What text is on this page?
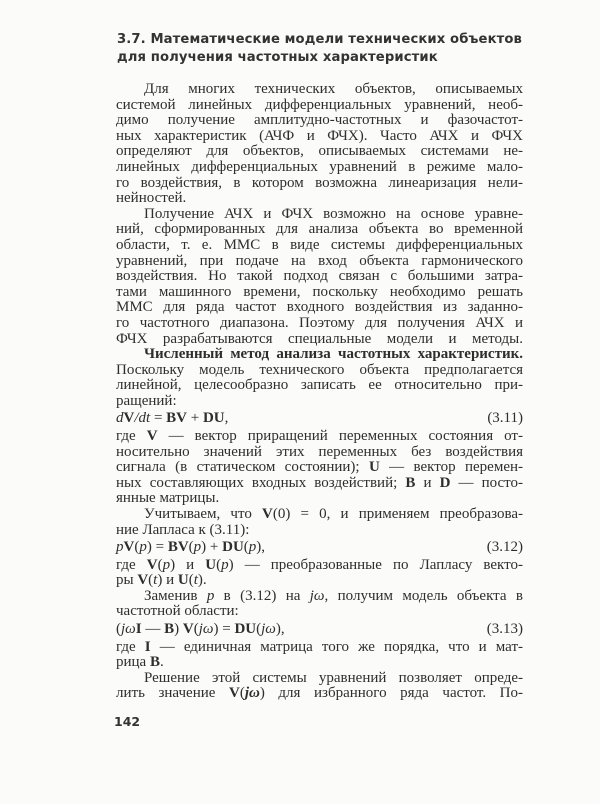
3.7. Математические модели технических объектов
для получения частотных характеристик
Для многих технических объектов, описываемых
системой линейных дифференциальных уравнений, необ-
димо получение амплитудно-частотных и фазочастот-
ных характеристик (АЧФ и ФЧХ). Часто АЧХ и ФЧХ
определяют для объектов, описываемых системами не-
линейных дифференциальных уравнений в режиме мало-
го воздействия, в котором возможна линеаризация нели-
нейностей.
Получение АЧХ и ФЧХ возможно на основе уравне-
ний, сформированных для анализа объекта во временной
области, т. е. ММС в виде системы дифференциальных
уравнений, при подаче на вход объекта гармонического
воздействия. Но такой подход связан с большими затра-
тами машинного времени, поскольку необходимо решать
ММС для ряда частот входного воздействия из заданно-
го частотного диапазона. Поэтому для получения АЧХ и
ФЧХ разрабатываются специальные модели и методы.
Численный метод анализа частотных характеристик.
Поскольку модель технического объекта предполагается
линейной, целесообразно записать ее относительно при-
ращений:
dV/dt = BV + DU,	(3.11)
где V — вектор приращений переменных состояния от-
носительно значений этих переменных без воздействия
сигнала (в статическом состоянии); U — вектор перемен-
ных составляющих входных воздействий; B и D — посто-
янные матрицы.
Учитываем, что V(0) = 0, и применяем преобразова-
ние Лапласа к (3.11):
pV(p) = BV(p) + DU(p),	(3.12)
где V(p) и U(p) — преобразованные по Лапласу векто-
ры V(t) и U(t).
Заменив p в (3.12) на jω, получим модель объекта в
частотной области:
(jωI — B) V(jω) = DU(jω),	(3.13)
где I — единичная матрица того же порядка, что и мат-
рица B.
Решение этой системы уравнений позволяет опреде-
лить значение V(jω) для избранного ряда частот. По-
142
